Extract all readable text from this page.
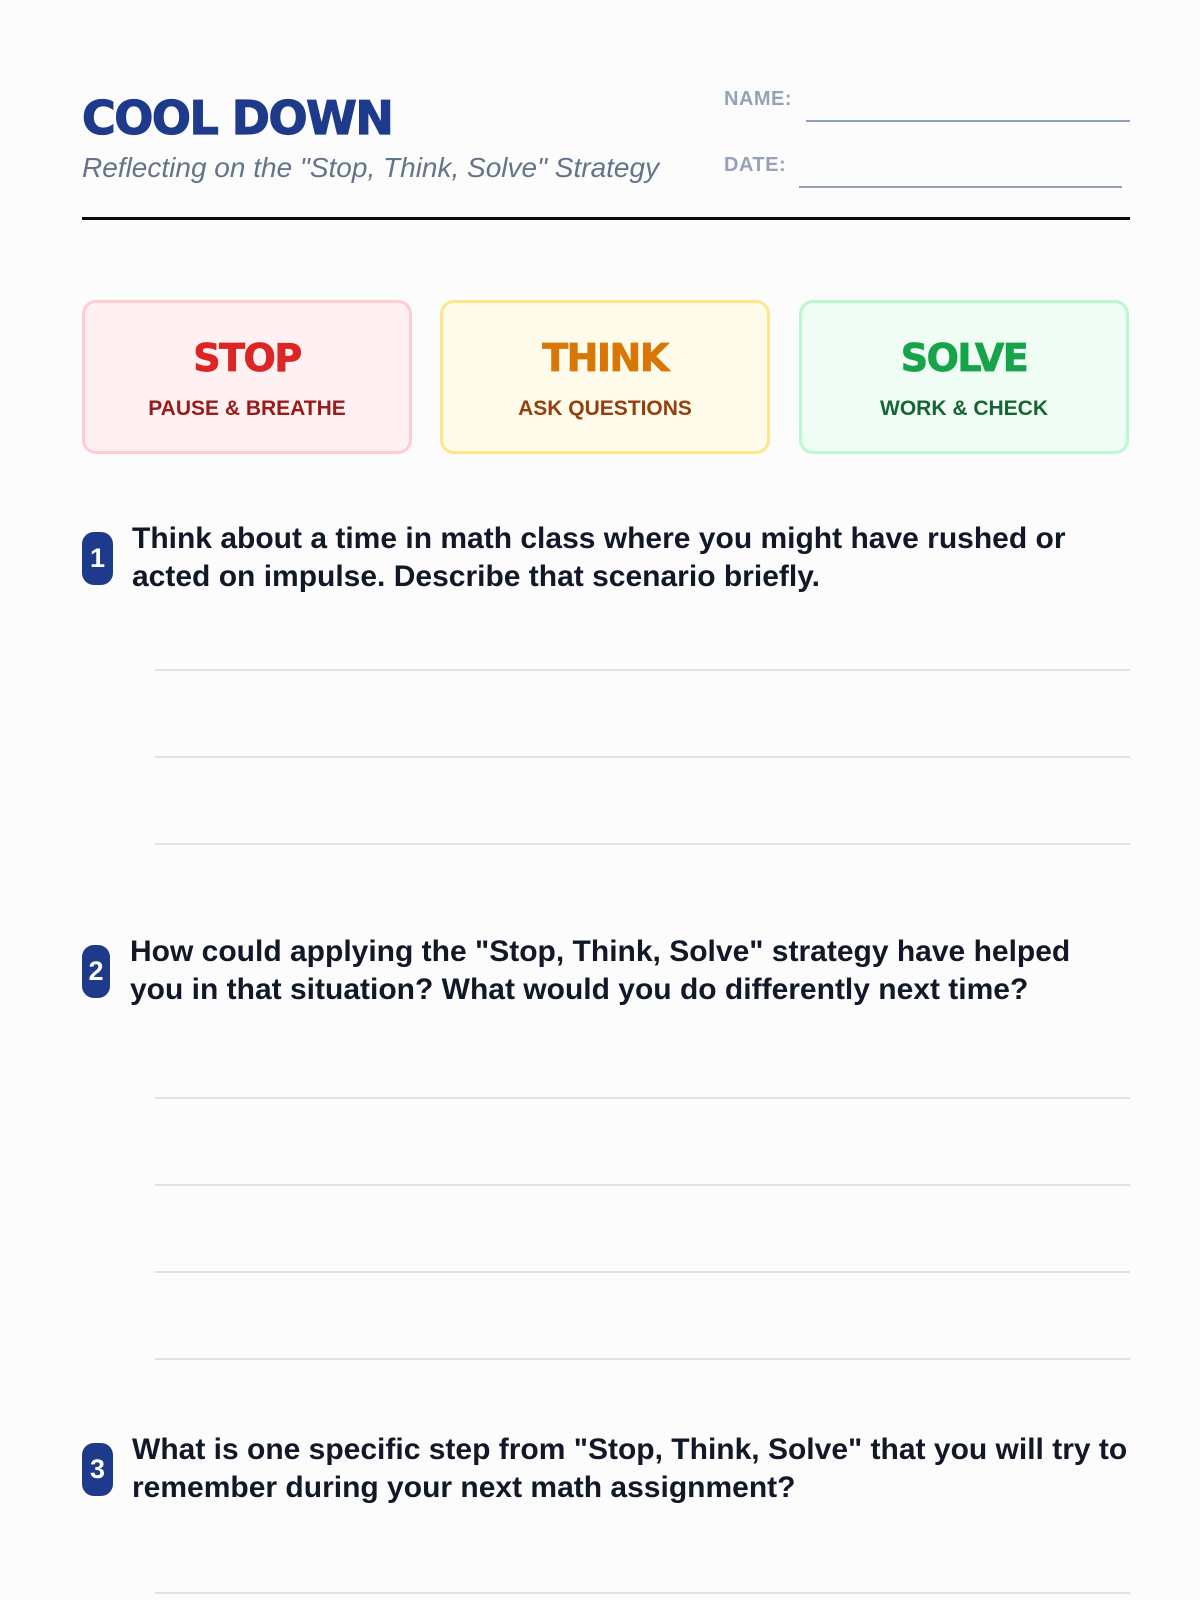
COOL DOWN
Reflecting on the "Stop, Think, Solve" Strategy
NAME:
DATE:
STOP
PAUSE & BREATHE
THINK
ASK QUESTIONS
SOLVE
WORK & CHECK
1
Think about a time in math class where you might have rushed or acted on impulse. Describe that scenario briefly.
2
How could applying the "Stop, Think, Solve" strategy have helped you in that situation? What would you do differently next time?
3
What is one specific step from "Stop, Think, Solve" that you will try to remember during your next math assignment?
